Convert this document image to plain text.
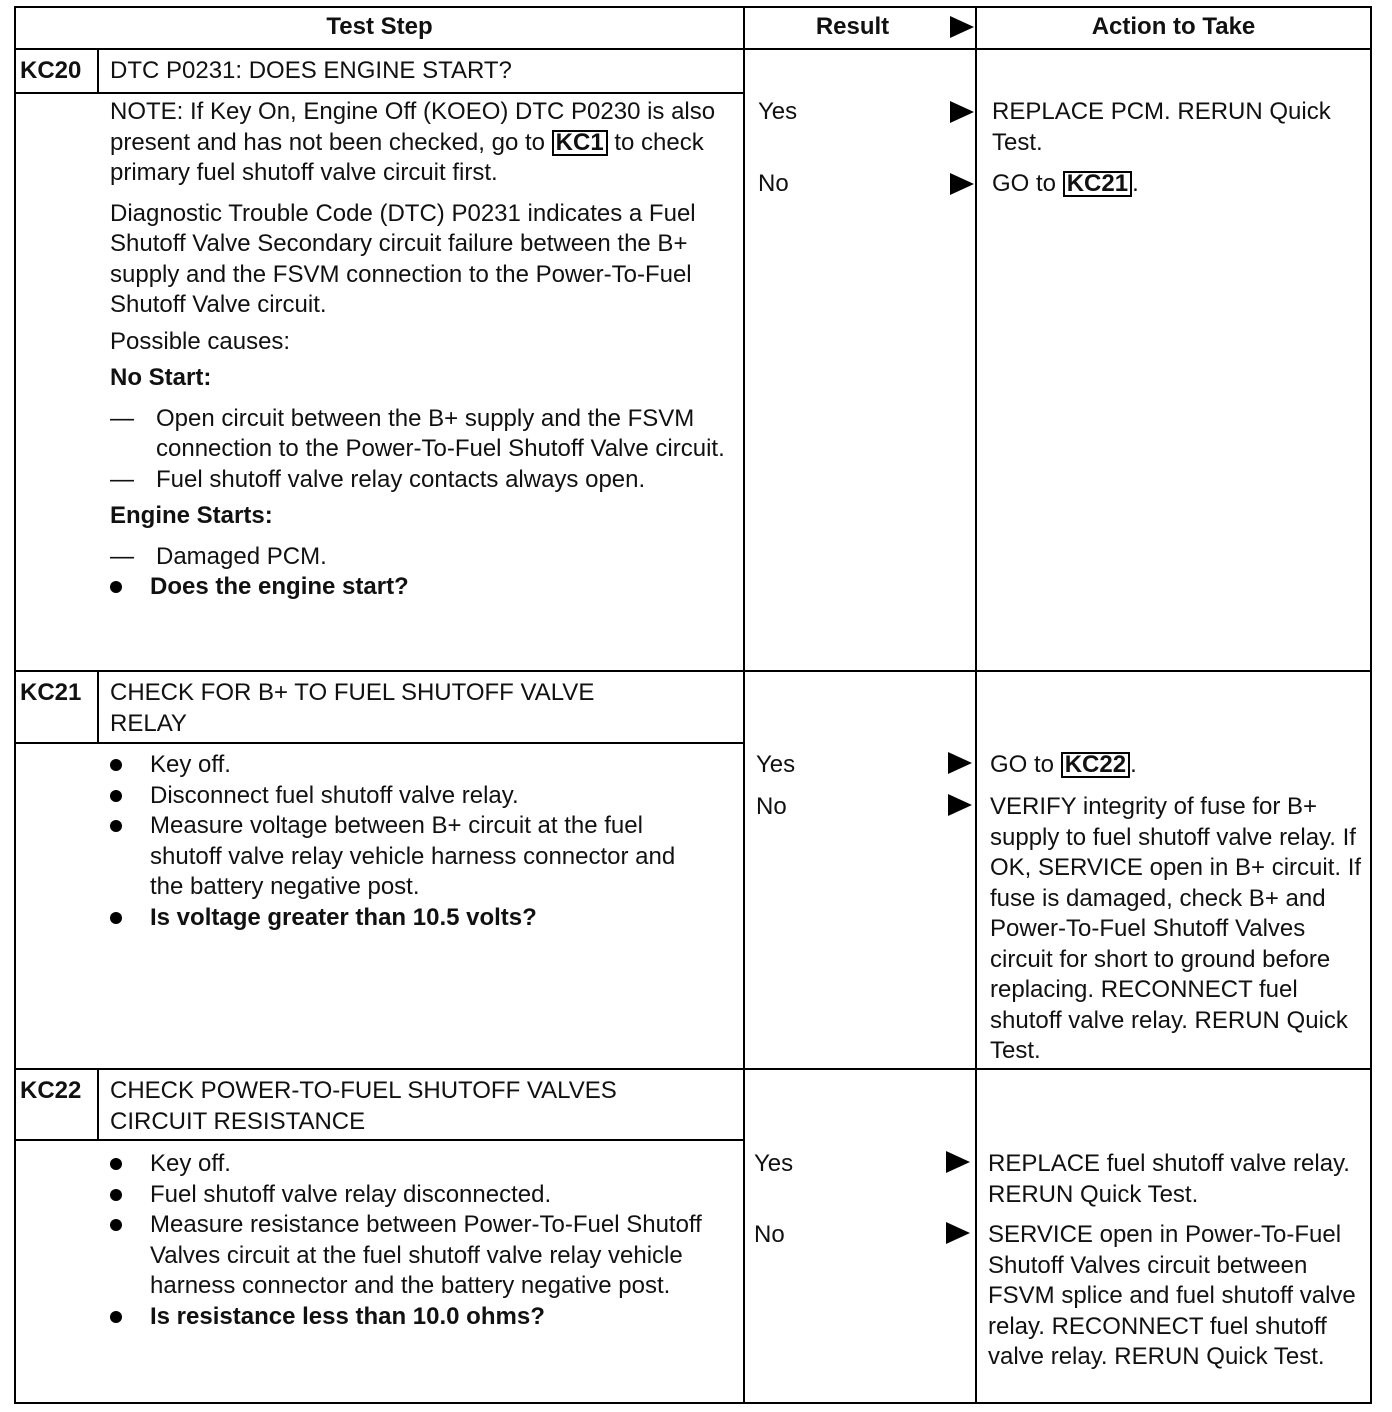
Test Step	Result	Action to Take
KC20 DTC P0231: DOES ENGINE START?

NOTE: If Key On, Engine Off (KOEO) DTC P0230 is also present and has not been checked, go to KC1 to check primary fuel shutoff valve circuit first.

Diagnostic Trouble Code (DTC) P0231 indicates a Fuel Shutoff Valve Secondary circuit failure between the B+ supply and the FSVM connection to the Power-To-Fuel Shutoff Valve circuit.

Possible causes:

No Start:

— Open circuit between the B+ supply and the FSVM connection to the Power-To-Fuel Shutoff Valve circuit.
— Fuel shutoff valve relay contacts always open.

Engine Starts:

— Damaged PCM.
Does the engine start?
Yes	REPLACE PCM. RERUN Quick Test.
No	GO to KC21 .
KC21 CHECK FOR B+ TO FUEL SHUTOFF VALVE RELAY
Key off.
Disconnect fuel shutoff valve relay.
Measure voltage between B+ circuit at the fuel shutoff valve relay vehicle harness connector and the battery negative post.
Is voltage greater than 10.5 volts?
Yes	GO to KC22 .
No	VERIFY integrity of fuse for B+ supply to fuel shutoff valve relay. If OK, SERVICE open in B+ circuit. If fuse is damaged, check B+ and Power-To-Fuel Shutoff Valves circuit for short to ground before replacing. RECONNECT fuel shutoff valve relay. RERUN Quick Test.
KC22 CHECK POWER-TO-FUEL SHUTOFF VALVES CIRCUIT RESISTANCE
Key off.
Fuel shutoff valve relay disconnected.
Measure resistance between Power-To-Fuel Shutoff Valves circuit at the fuel shutoff valve relay vehicle harness connector and the battery negative post.
Is resistance less than 10.0 ohms?
Yes	REPLACE fuel shutoff valve relay. RERUN Quick Test.
No	SERVICE open in Power-To-Fuel Shutoff Valves circuit between FSVM splice and fuel shutoff valve relay. RECONNECT fuel shutoff valve relay. RERUN Quick Test.
